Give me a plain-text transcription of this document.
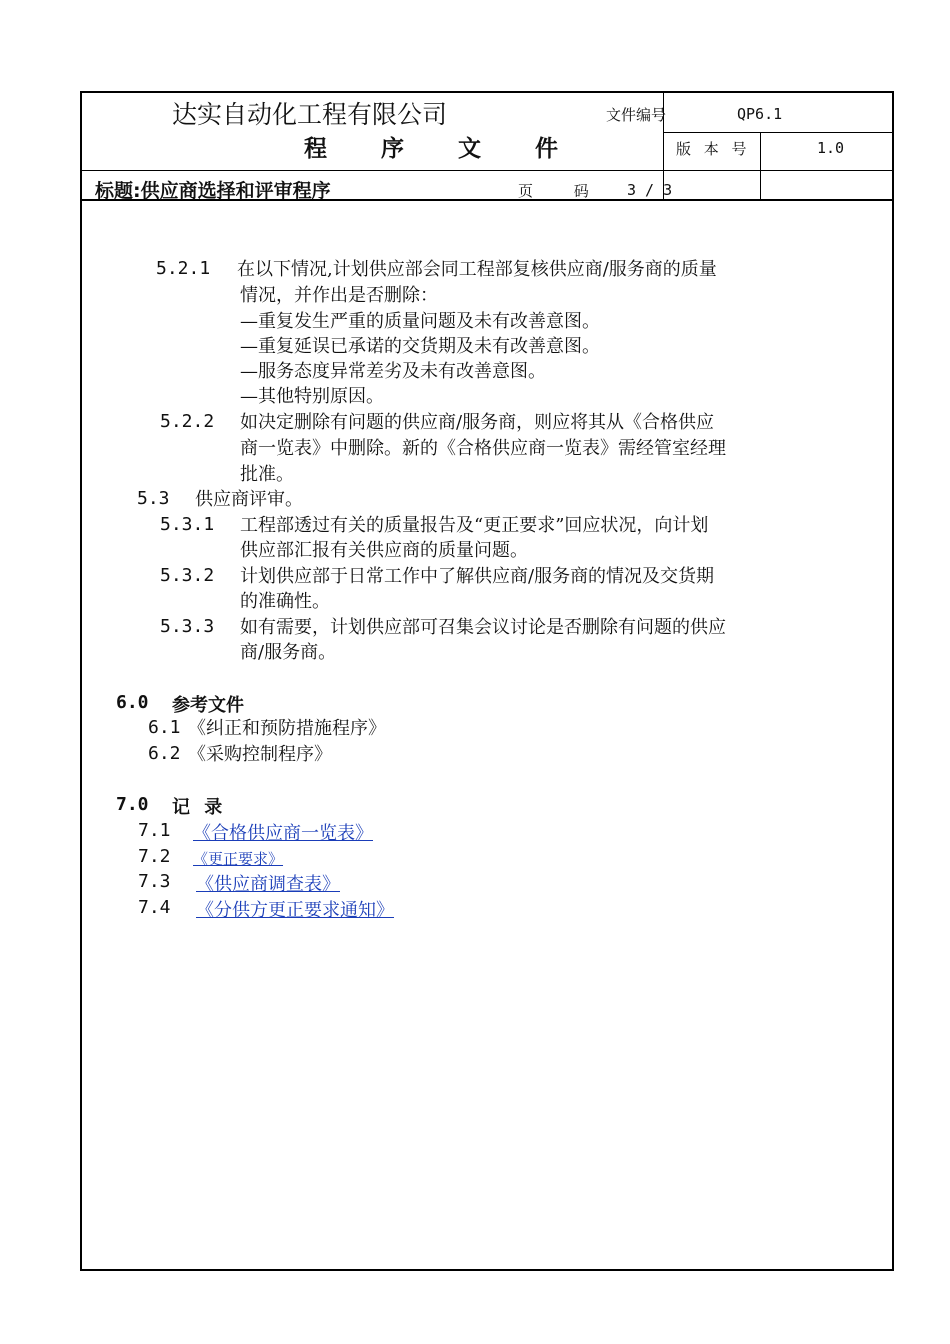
达实自动化工程有限公司
程 序 文 件
文件编号	QP6.1
版 本 号	1.0
标题:供应商选择和评审程序	页 码 3 / 3
5.2.1 在以下情况,计划供应部会同工程部复核供应商/服务商的质量
情况，并作出是否删除：
—重复发生严重的质量问题及未有改善意图。
—重复延误已承诺的交货期及未有改善意图。
—服务态度异常差劣及未有改善意图。
—其他特别原因。
5.2.2 如决定删除有问题的供应商/服务商，则应将其从《合格供应
商一览表》中删除。新的《合格供应商一览表》需经管室经理
批准。
5.3 供应商评审。
5.3.1 工程部透过有关的质量报告及“更正要求”回应状况，向计划
供应部汇报有关供应商的质量问题。
5.3.2 计划供应部于日常工作中了解供应商/服务商的情况及交货期
的准确性。
5.3.3 如有需要，计划供应部可召集会议讨论是否删除有问题的供应
商/服务商。
6.0 参考文件
6.1 《纠正和预防措施程序》
6.2 《采购控制程序》
7.0 记 录
7.1 《合格供应商一览表》
7.2 《更正要求》
7.3 《供应商调查表》
7.4 《分供方更正要求通知》
